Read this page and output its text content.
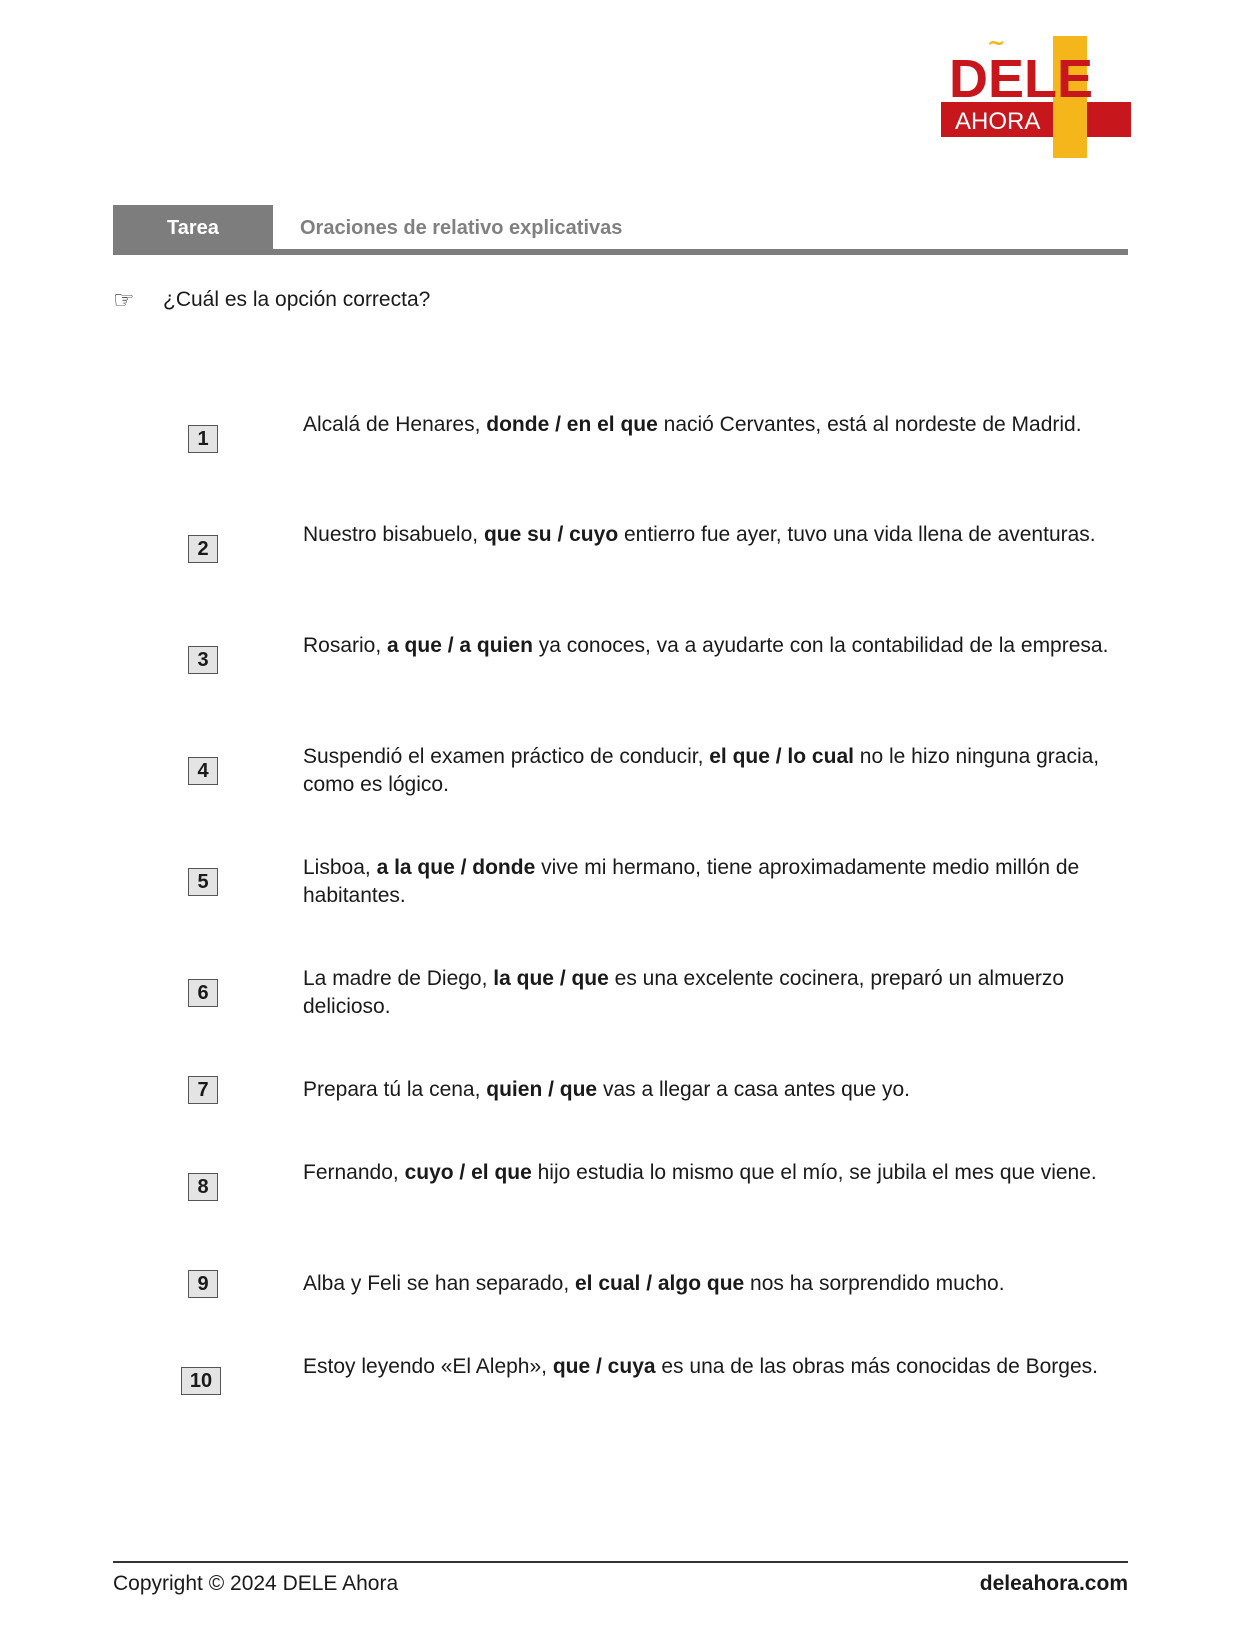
DELE
~
AHORA
Tarea	Oraciones de relativo explicativas
☞	¿Cuál es la opción correcta?
1
Alcalá de Henares, donde / en el que nació Cervantes, está al nordeste de Madrid.
2
Nuestro bisabuelo, que su / cuyo entierro fue ayer, tuvo una vida llena de aventuras.
3
Rosario, a que / a quien ya conoces, va a ayudarte con la contabilidad de la empresa.
4
Suspendió el examen práctico de conducir, el que / lo cual no le hizo ninguna gracia, como es lógico.
5
Lisboa, a la que / donde vive mi hermano, tiene aproximadamente medio millón de habitantes.
6
La madre de Diego, la que / que es una excelente cocinera, preparó un almuerzo delicioso.
7	Prepara tú la cena, quien / que vas a llegar a casa antes que yo.
8
Fernando, cuyo / el que hijo estudia lo mismo que el mío, se jubila el mes que viene.
9	Alba y Feli se han separado, el cual / algo que nos ha sorprendido mucho.
10
Estoy leyendo «El Aleph», que / cuya es una de las obras más conocidas de Borges.
Copyright © 2024 DELE Ahora	deleahora.com
